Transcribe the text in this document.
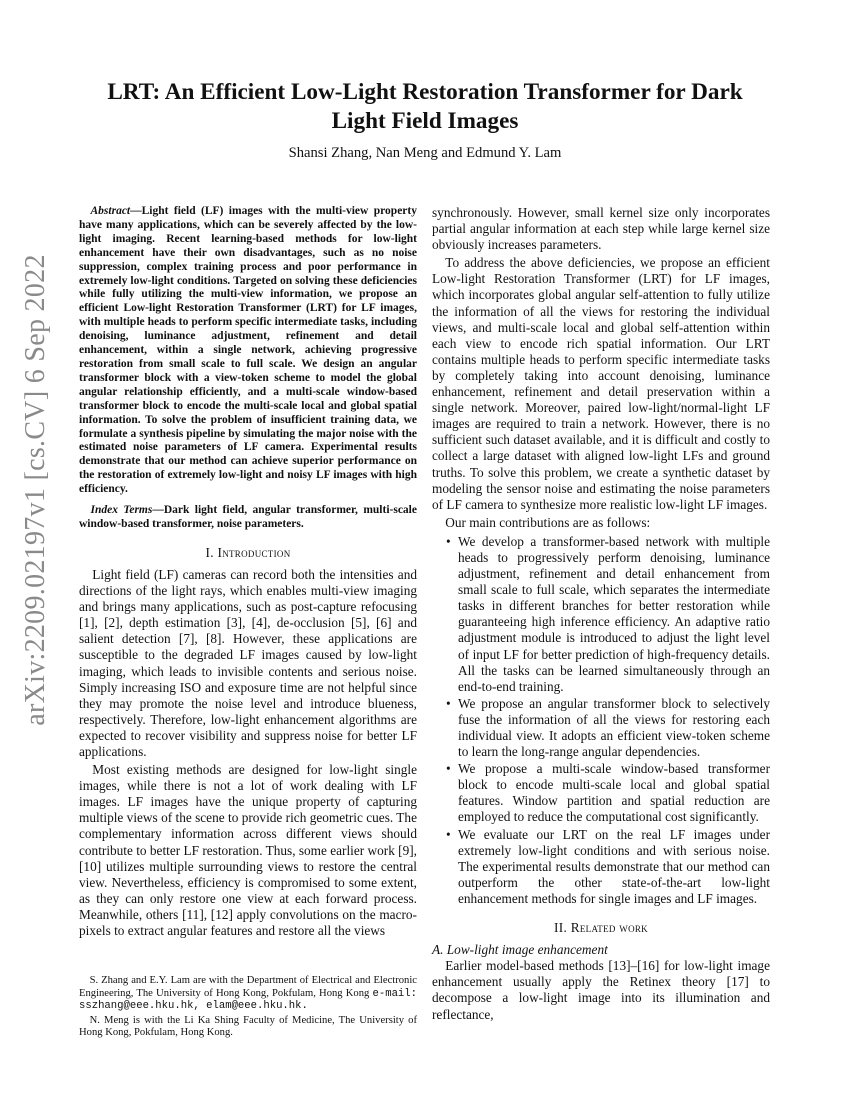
arXiv:2209.02197v1 [cs.CV] 6 Sep 2022
LRT: An Efficient Low-Light Restoration Transformer for Dark Light Field Images
Shansi Zhang, Nan Meng and Edmund Y. Lam
Abstract—Light field (LF) images with the multi-view property have many applications, which can be severely affected by the low-light imaging. Recent learning-based methods for low-light enhancement have their own disadvantages, such as no noise suppression, complex training process and poor performance in extremely low-light conditions. Targeted on solving these deficiencies while fully utilizing the multi-view information, we propose an efficient Low-light Restoration Transformer (LRT) for LF images, with multiple heads to perform specific intermediate tasks, including denoising, luminance adjustment, refinement and detail enhancement, within a single network, achieving progressive restoration from small scale to full scale. We design an angular transformer block with a view-token scheme to model the global angular relationship efficiently, and a multi-scale window-based transformer block to encode the multi-scale local and global spatial information. To solve the problem of insufficient training data, we formulate a synthesis pipeline by simulating the major noise with the estimated noise parameters of LF camera. Experimental results demonstrate that our method can achieve superior performance on the restoration of extremely low-light and noisy LF images with high efficiency.
Index Terms—Dark light field, angular transformer, multi-scale window-based transformer, noise parameters.
I. Introduction

Light field (LF) cameras can record both the intensities and directions of the light rays, which enables multi-view imaging and brings many applications, such as post-capture refocusing [1], [2], depth estimation [3], [4], de-occlusion [5], [6] and salient detection [7], [8]. However, these applications are susceptible to the degraded LF images caused by low-light imaging, which leads to invisible contents and serious noise. Simply increasing ISO and exposure time are not helpful since they may promote the noise level and introduce blueness, respectively. Therefore, low-light enhancement algorithms are expected to recover visibility and suppress noise for better LF applications.

Most existing methods are designed for low-light single images, while there is not a lot of work dealing with LF images. LF images have the unique property of capturing multiple views of the scene to provide rich geometric cues. The complementary information across different views should contribute to better LF restoration. Thus, some earlier work [9], [10] utilizes multiple surrounding views to restore the central view. Nevertheless, efficiency is compromised to some extent, as they can only restore one view at each forward process. Meanwhile, others [11], [12] apply convolutions on the macro-pixels to extract angular features and restore all the views

S. Zhang and E.Y. Lam are with the Department of Electrical and Electronic Engineering, The University of Hong Kong, Pokfulam, Hong Kong e-mail: sszhang@eee.hku.hk, elam@eee.hku.hk.

N. Meng is with the Li Ka Shing Faculty of Medicine, The University of Hong Kong, Pokfulam, Hong Kong.

synchronously. However, small kernel size only incorporates partial angular information at each step while large kernel size obviously increases parameters.

To address the above deficiencies, we propose an efficient Low-light Restoration Transformer (LRT) for LF images, which incorporates global angular self-attention to fully utilize the information of all the views for restoring the individual views, and multi-scale local and global self-attention within each view to encode rich spatial information. Our LRT contains multiple heads to perform specific intermediate tasks by completely taking into account denoising, luminance enhancement, refinement and detail preservation within a single network. Moreover, paired low-light/normal-light LF images are required to train a network. However, there is no sufficient such dataset available, and it is difficult and costly to collect a large dataset with aligned low-light LFs and ground truths. To solve this problem, we create a synthetic dataset by modeling the sensor noise and estimating the noise parameters of LF camera to synthesize more realistic low-light LF images.

Our main contributions are as follows:

• We develop a transformer-based network with multiple heads to progressively perform denoising, luminance adjustment, refinement and detail enhancement from small scale to full scale, which separates the intermediate tasks in different branches for better restoration while guaranteeing high inference efficiency. An adaptive ratio adjustment module is introduced to adjust the light level of input LF for better prediction of high-frequency details. All the tasks can be learned simultaneously through an end-to-end training.
• We propose an angular transformer block to selectively fuse the information of all the views for restoring each individual view. It adopts an efficient view-token scheme to learn the long-range angular dependencies.
• We propose a multi-scale window-based transformer block to encode multi-scale local and global spatial features. Window partition and spatial reduction are employed to reduce the computational cost significantly.
• We evaluate our LRT on the real LF images under extremely low-light conditions and with serious noise. The experimental results demonstrate that our method can outperform the other state-of-the-art low-light enhancement methods for single images and LF images.
II. Related work
A. Low-light image enhancement

Earlier model-based methods [13]–[16] for low-light image enhancement usually apply the Retinex theory [17] to decompose a low-light image into its illumination and reflectance,
